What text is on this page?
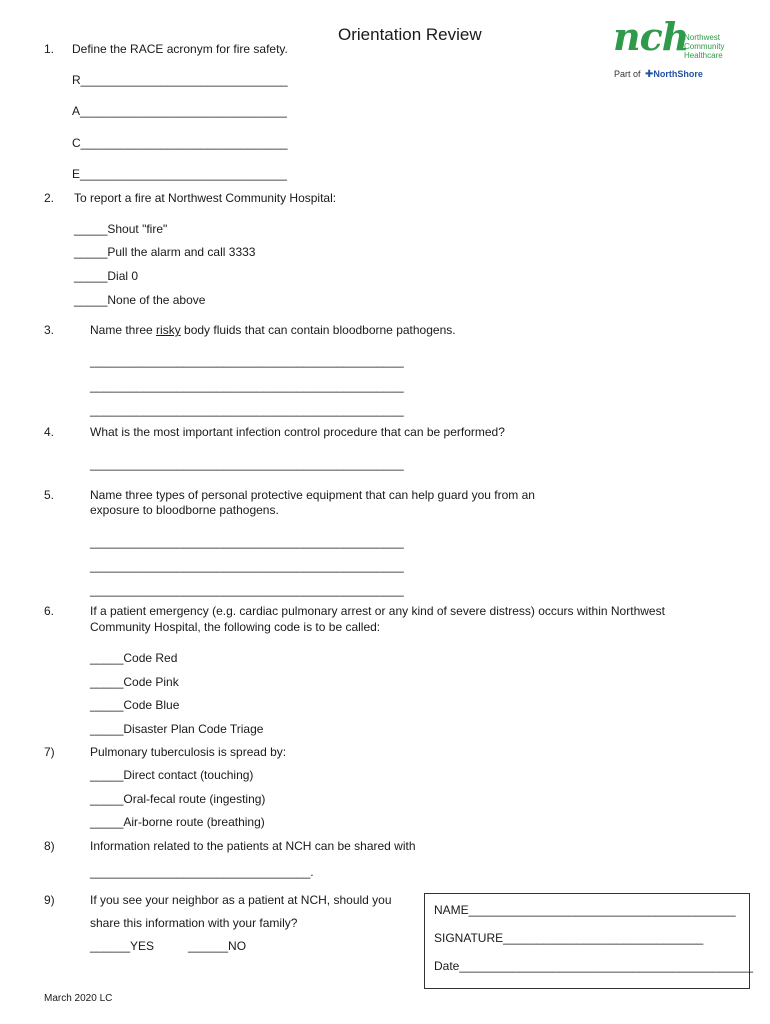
Orientation Review	nch
Northwest Community Healthcare
Part of ✚NorthShore
1. Define the RACE acronym for fire safety.
R_______________________________
A_______________________________
C_______________________________
E_______________________________
2. To report a fire at Northwest Community Hospital:
_____Shout "fire"
_____Pull the alarm and call 3333
_____Dial 0
_____None of the above
3.	Name three risky body fluids that can contain bloodborne pathogens.
_______________________________________________
_______________________________________________
_______________________________________________
4.	What is the most important infection control procedure that can be performed?
_______________________________________________
5.	Name three types of personal protective equipment that can help guard you from an
exposure to bloodborne pathogens.
_______________________________________________
_______________________________________________
_______________________________________________
6.	If a patient emergency (e.g. cardiac pulmonary arrest or any kind of severe distress) occurs within Northwest
Community Hospital, the following code is to be called:
_____Code Red
_____Code Pink
_____Code Blue
_____Disaster Plan Code Triage
7)	Pulmonary tuberculosis is spread by:
_____Direct contact (touching)
_____Oral-fecal route (ingesting)
_____Air-borne route (breathing)
8)	Information related to the patients at NCH can be shared with
_________________________________.
9)	If you see your neighbor as a patient at NCH, should you
share this information with your family?
______YES	______NO
NAME________________________________________
SIGNATURE______________________________
Date____________________________________________
March 2020 LC
